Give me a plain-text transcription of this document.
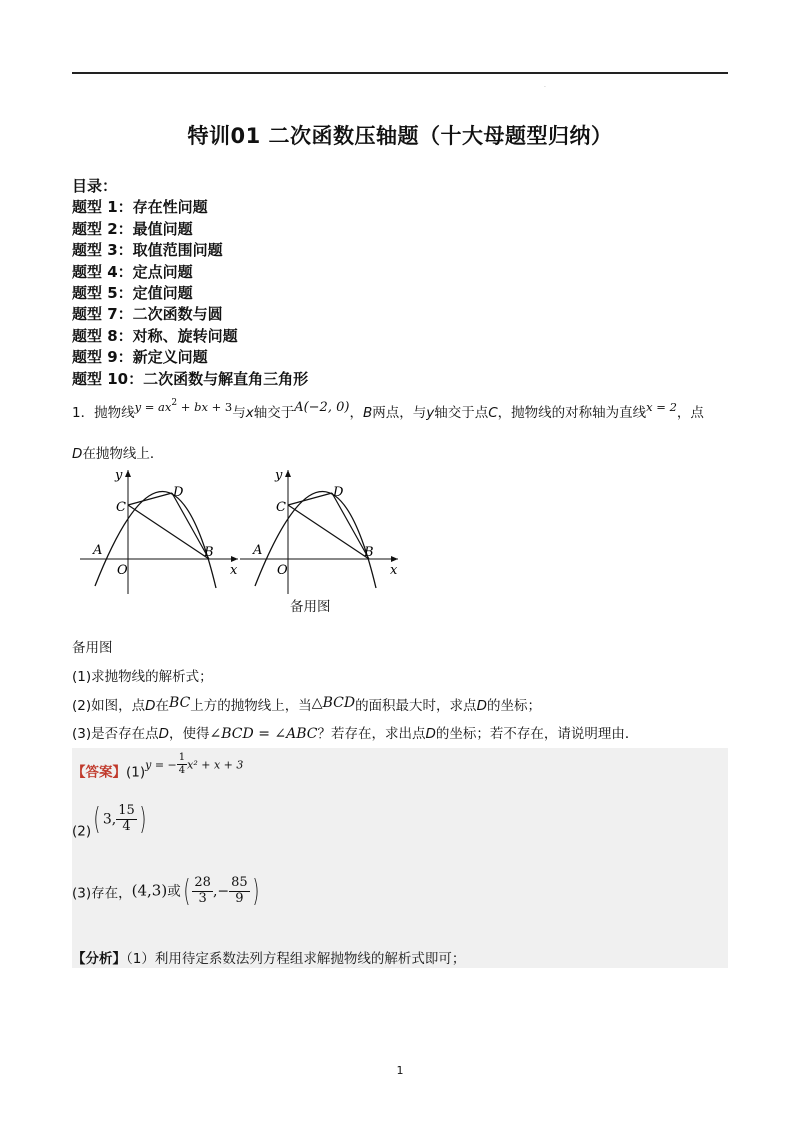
.
特训01 二次函数压轴题（十大母题型归纳）
目录：
题型 1：存在性问题
题型 2：最值问题
题型 3：取值范围问题
题型 4：定点问题
题型 5：定值问题
题型 7：二次函数与圆
题型 8：对称、旋转问题
题型 9：新定义问题
题型 10：二次函数与解直角三角形
1．抛物线$y = ax^2$ + bx + 3与x轴交于A(−2, 0)，B两点，与y轴交于点C，抛物线的对称轴为直线x = 2，点
D在抛物线上．
y
x
A	B
C
D
O
y
x
A	B
C
D
O
备用图
备用图
(1)求抛物线的解析式；
(2)如图，点D在BC上方的抛物线上，当△BCD的面积最大时，求点D的坐标；
(3)是否存在点D，使得∠BCD = ∠ABC？若存在，求出点D的坐标；若不存在，请说明理由．
【答案】$(1)^{y = -} \frac{1}{4} ^{x^2 + x + 3}$
(2)( 3, $\frac{15}{4}$ )
(3)存在，(4,3)或( $\frac{28}{3}$ ,− $\frac{85}{9}$ )
【分析】（1）利用待定系数法列方程组求解抛物线的解析式即可；
1
